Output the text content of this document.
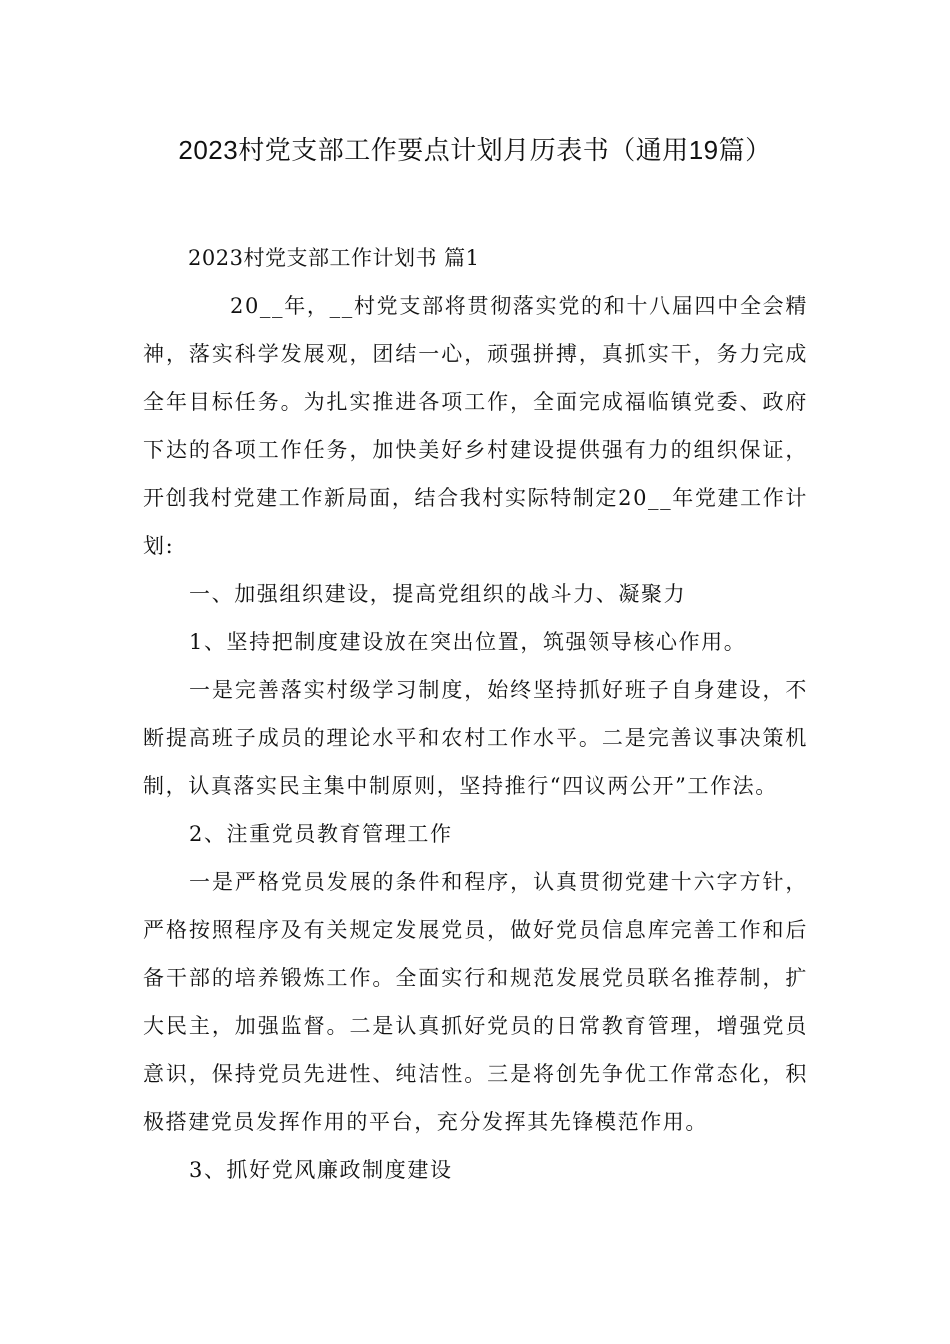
2023村党支部工作要点计划月历表书（通用19篇）

2023村党支部工作计划书 篇1

20__年，__村党支部将贯彻落实党的和十八届四中全会精神，落实科学发展观，团结一心，顽强拼搏，真抓实干，务力完成全年目标任务。为扎实推进各项工作，全面完成福临镇党委、政府下达的各项工作任务，加快美好乡村建设提供强有力的组织保证，开创我村党建工作新局面，结合我村实际特制定20__年党建工作计划:

一、加强组织建设，提高党组织的战斗力、凝聚力

1、坚持把制度建设放在突出位置，筑强领导核心作用。

一是完善落实村级学习制度，始终坚持抓好班子自身建设，不断提高班子成员的理论水平和农村工作水平。二是完善议事决策机制，认真落实民主集中制原则，坚持推行“四议两公开”工作法。

2、注重党员教育管理工作

一是严格党员发展的条件和程序，认真贯彻党建十六字方针，严格按照程序及有关规定发展党员，做好党员信息库完善工作和后备干部的培养锻炼工作。全面实行和规范发展党员联名推荐制，扩大民主，加强监督。二是认真抓好党员的日常教育管理，增强党员意识，保持党员先进性、纯洁性。三是将创先争优工作常态化，积极搭建党员发挥作用的平台，充分发挥其先锋模范作用。

3、抓好党风廉政制度建设
